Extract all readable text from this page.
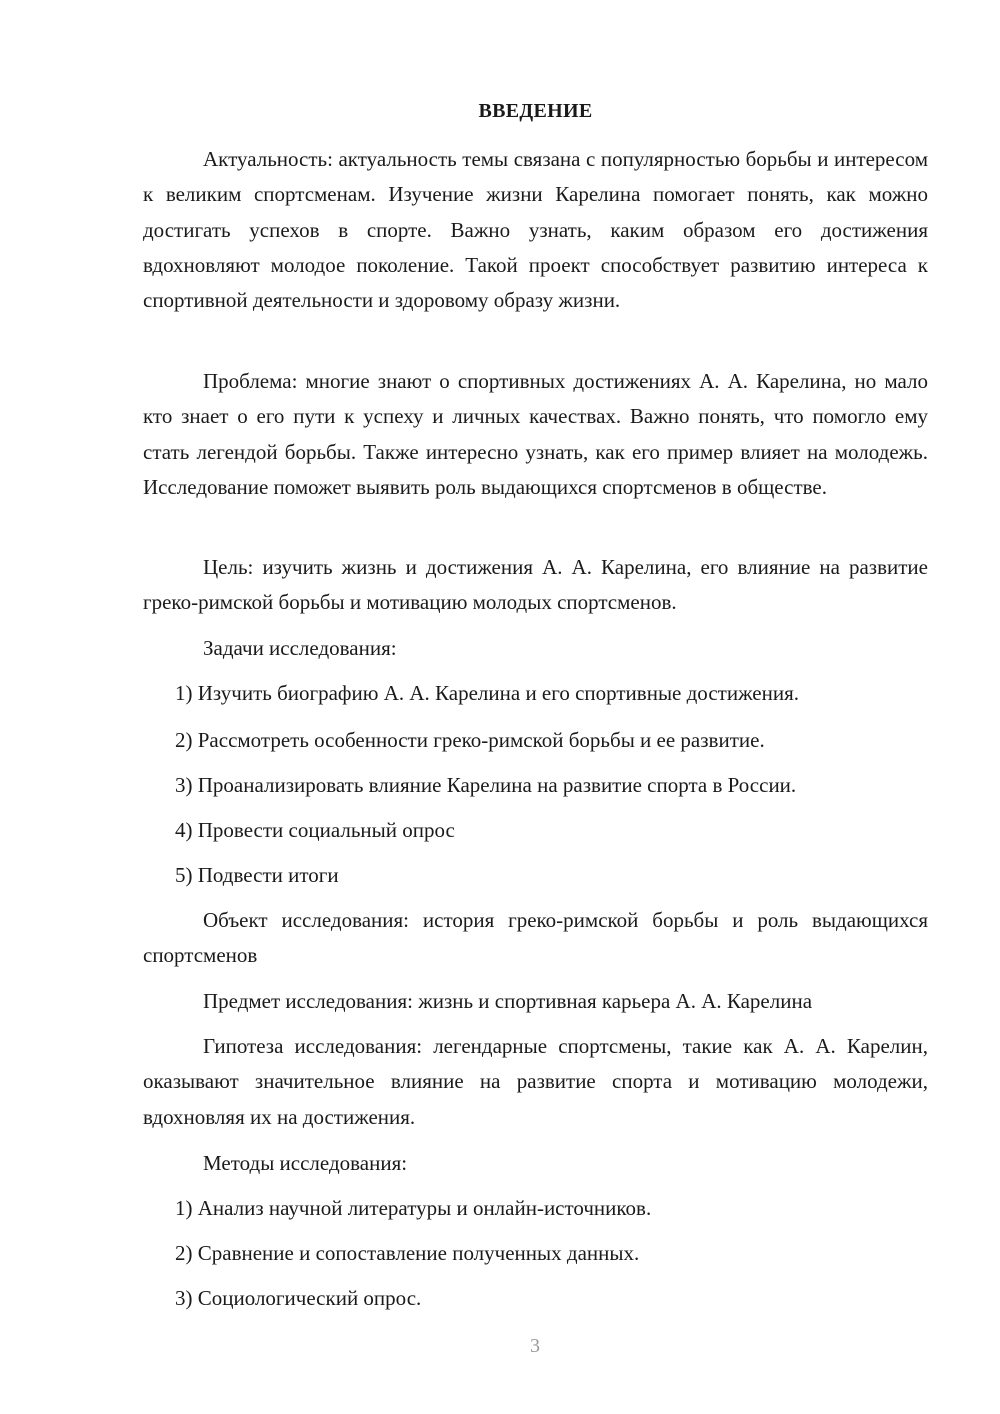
ВВЕДЕНИЕ
Актуальность: актуальность темы связана с популярностью борьбы и интересом к великим спортсменам. Изучение жизни Карелина помогает понять, как можно достигать успехов в спорте. Важно узнать, каким образом его достижения вдохновляют молодое поколение. Такой проект способствует развитию интереса к спортивной деятельности и здоровому образу жизни.
Проблема: многие знают о спортивных достижениях А. А. Карелина, но мало кто знает о его пути к успеху и личных качествах. Важно понять, что помогло ему стать легендой борьбы. Также интересно узнать, как его пример влияет на молодежь. Исследование поможет выявить роль выдающихся спортсменов в обществе.
Цель: изучить жизнь и достижения А. А. Карелина, его влияние на развитие греко-римской борьбы и мотивацию молодых спортсменов.
Задачи исследования:
1) Изучить биографию А. А. Карелина и его спортивные достижения.
2) Рассмотреть особенности греко-римской борьбы и ее развитие.
3) Проанализировать влияние Карелина на развитие спорта в России.
4) Провести социальный опрос
5) Подвести итоги
Объект исследования: история греко-римской борьбы и роль выдающихся спортсменов
Предмет исследования: жизнь и спортивная карьера А. А. Карелина
Гипотеза исследования: легендарные спортсмены, такие как А. А. Карелин, оказывают значительное влияние на развитие спорта и мотивацию молодежи, вдохновляя их на достижения.
Методы исследования:
1) Анализ научной литературы и онлайн-источников.
2) Сравнение и сопоставление полученных данных.
3) Социологический опрос.
3
